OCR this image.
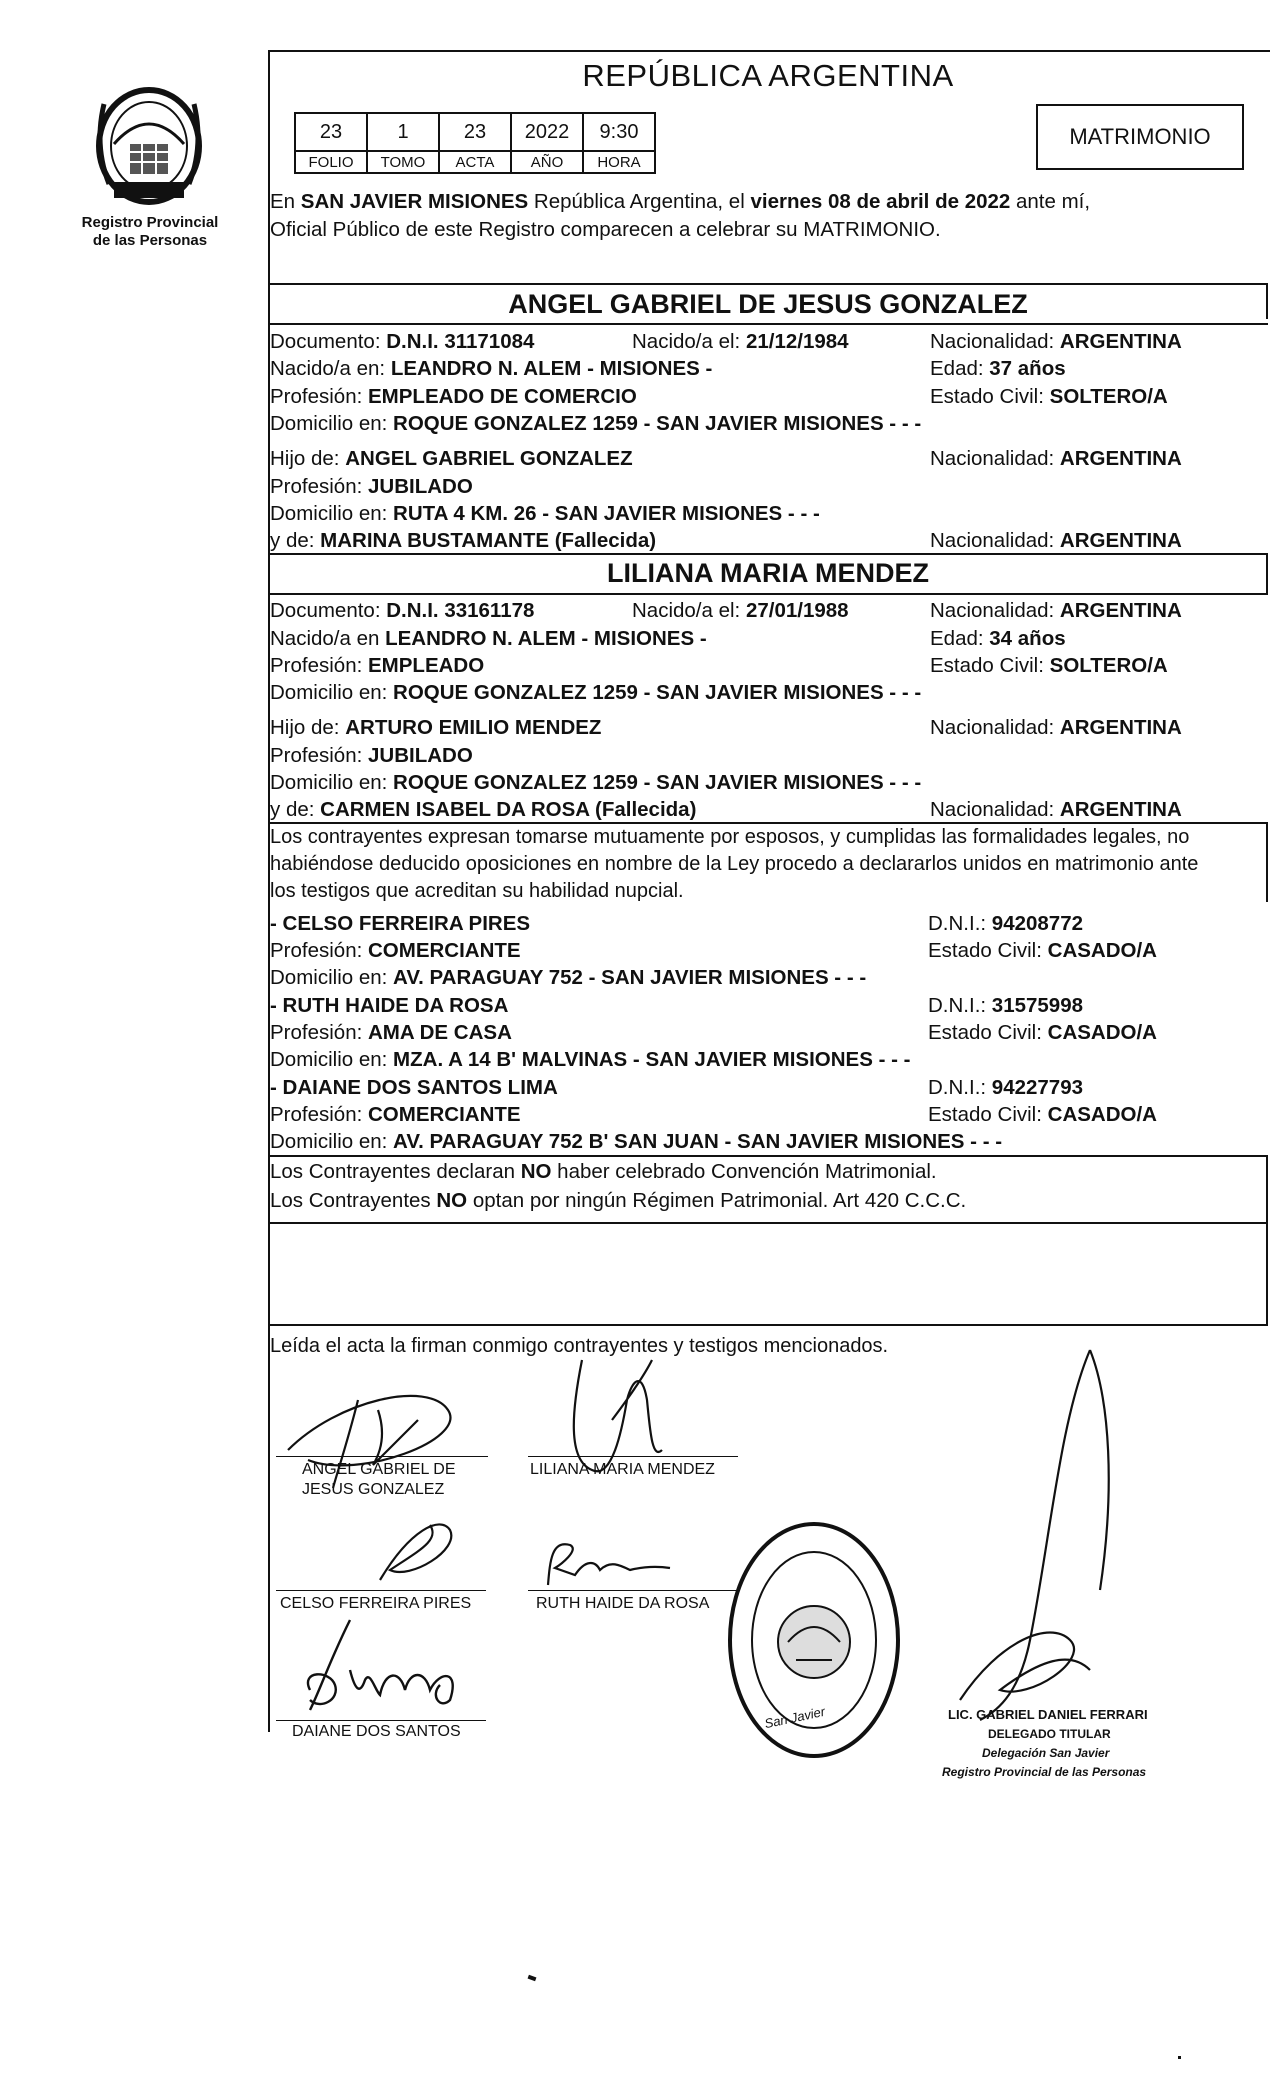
Registro Provincial
de las Personas
REPÚBLICA ARGENTINA
23	1	23	2022	9:30
FOLIO	TOMO	ACTA	AÑO	HORA
MATRIMONIO
En SAN JAVIER MISIONES República Argentina, el viernes 08 de abril de 2022 ante mí,
Oficial Público de este Registro comparecen a celebrar su MATRIMONIO.
ANGEL GABRIEL DE JESUS GONZALEZ
Documento: D.N.I. 31171084	Nacido/a el: 21/12/1984	Nacionalidad: ARGENTINA
Nacido/a en: LEANDRO N. ALEM - MISIONES -	Edad: 37 años
Profesión: EMPLEADO DE COMERCIO	Estado Civil: SOLTERO/A
Domicilio en: ROQUE GONZALEZ 1259 - SAN JAVIER MISIONES - - -
Hijo de: ANGEL GABRIEL GONZALEZ	Nacionalidad: ARGENTINA
Profesión: JUBILADO
Domicilio en: RUTA 4 KM. 26 - SAN JAVIER MISIONES - - -
y de: MARINA BUSTAMANTE (Fallecida)	Nacionalidad: ARGENTINA
LILIANA MARIA MENDEZ
Documento: D.N.I. 33161178	Nacido/a el: 27/01/1988	Nacionalidad: ARGENTINA
Nacido/a en LEANDRO N. ALEM - MISIONES -	Edad: 34 años
Profesión: EMPLEADO	Estado Civil: SOLTERO/A
Domicilio en: ROQUE GONZALEZ 1259 - SAN JAVIER MISIONES - - -
Hijo de: ARTURO EMILIO MENDEZ	Nacionalidad: ARGENTINA
Profesión: JUBILADO
Domicilio en: ROQUE GONZALEZ 1259 - SAN JAVIER MISIONES - - -
y de: CARMEN ISABEL DA ROSA (Fallecida)	Nacionalidad: ARGENTINA
Los contrayentes expresan tomarse mutuamente por esposos, y cumplidas las formalidades legales, no
habiéndose deducido oposiciones en nombre de la Ley procedo a declararlos unidos en matrimonio ante
los testigos que acreditan su habilidad nupcial.
- CELSO FERREIRA PIRES	D.N.I.: 94208772
Profesión: COMERCIANTE	Estado Civil: CASADO/A
Domicilio en: AV. PARAGUAY 752 - SAN JAVIER MISIONES - - -
- RUTH HAIDE DA ROSA	D.N.I.: 31575998
Profesión: AMA DE CASA	Estado Civil: CASADO/A
Domicilio en: MZA. A 14 B' MALVINAS - SAN JAVIER MISIONES - - -
- DAIANE DOS SANTOS LIMA	D.N.I.: 94227793
Profesión: COMERCIANTE	Estado Civil: CASADO/A
Domicilio en: AV. PARAGUAY 752 B' SAN JUAN - SAN JAVIER MISIONES - - -
Los Contrayentes declaran NO haber celebrado Convención Matrimonial.
Los Contrayentes NO optan por ningún Régimen Patrimonial. Art 420 C.C.C.
Leída el acta la firman conmigo contrayentes y testigos mencionados.
ANGEL GABRIEL DE
JESUS GONZALEZ
LILIANA MARIA MENDEZ
CELSO FERREIRA PIRES	RUTH HAIDE DA ROSA
DAIANE DOS SANTOS
San Javier	LIC. GABRIEL DANIEL FERRARI
DELEGADO TITULAR
Delegación San Javier
Registro Provincial de las Personas
